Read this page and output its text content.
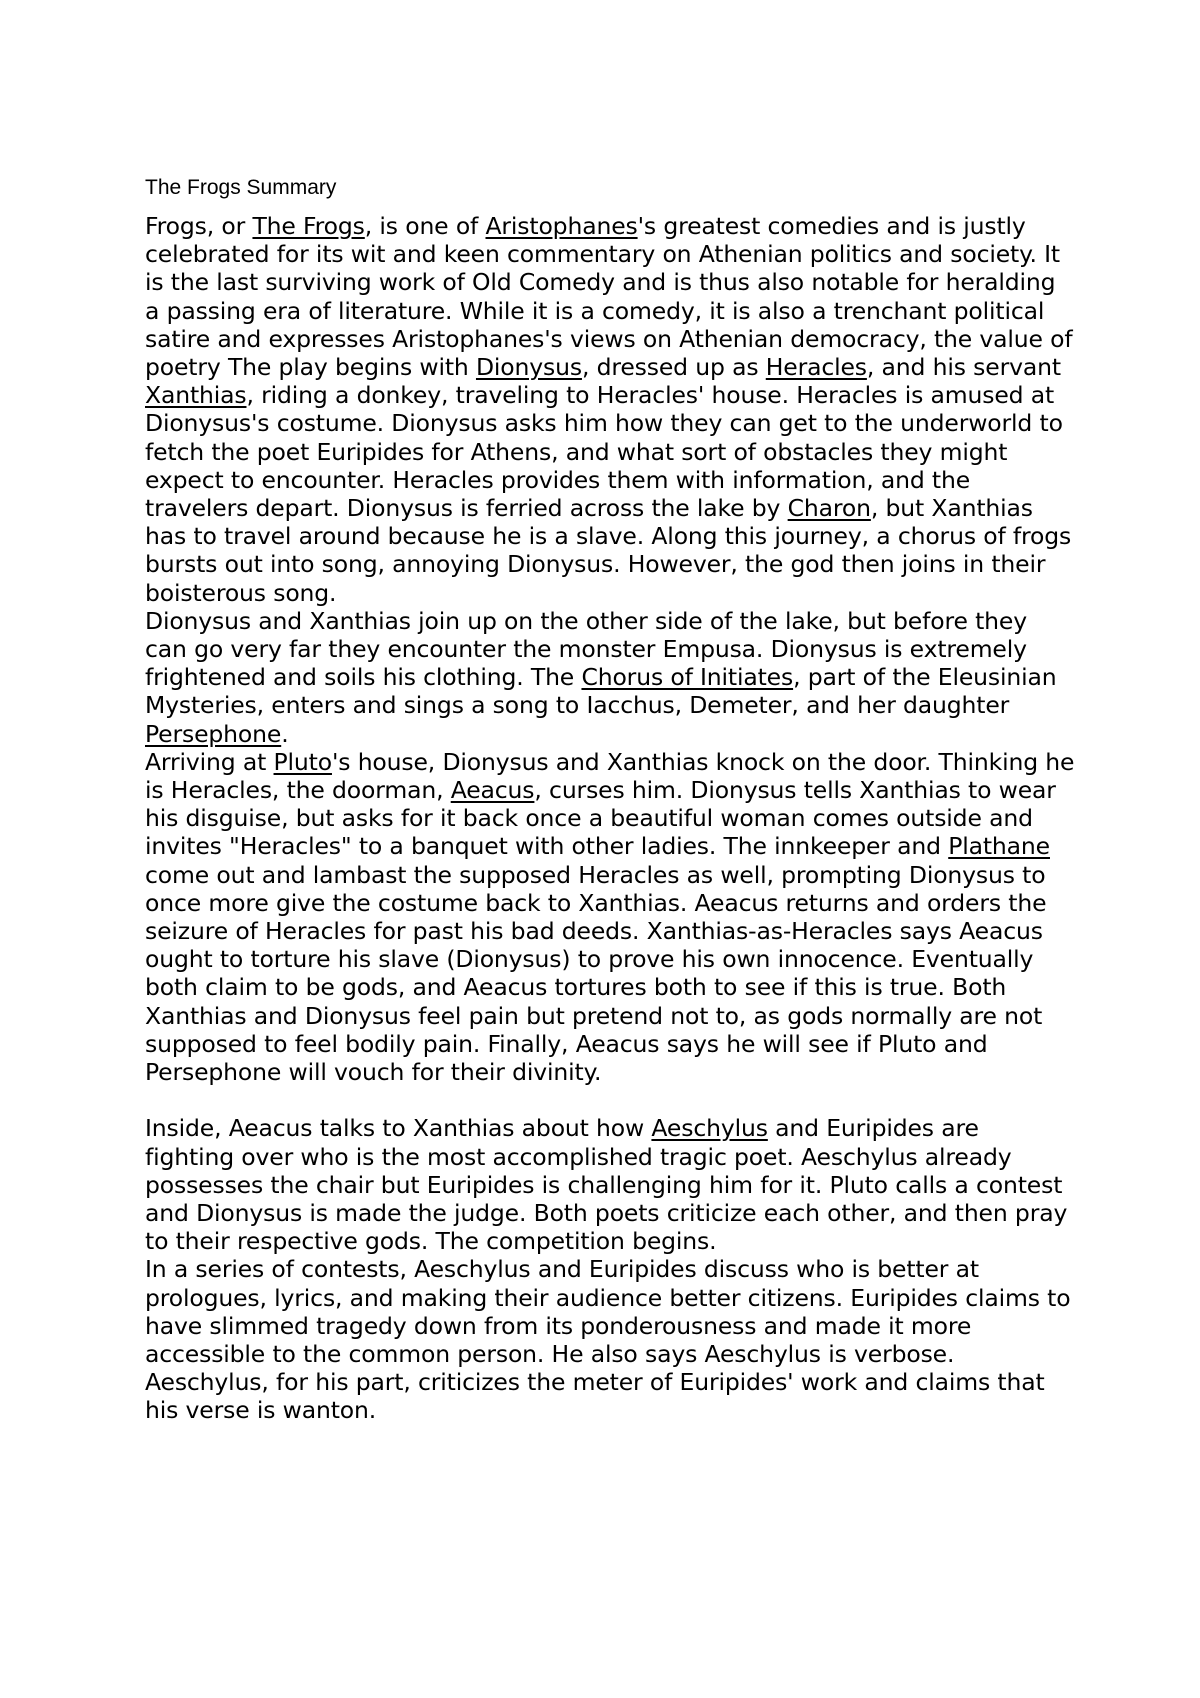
The Frogs Summary

Frogs, or The Frogs, is one of Aristophanes's greatest comedies and is justly celebrated for its wit and keen commentary on Athenian politics and society. It is the last surviving work of Old Comedy and is thus also notable for heralding a passing era of literature. While it is a comedy, it is also a trenchant political satire and expresses Aristophanes's views on Athenian democracy, the value of poetry The play begins with Dionysus, dressed up as Heracles, and his servant Xanthias, riding a donkey, traveling to Heracles' house. Heracles is amused at Dionysus's costume. Dionysus asks him how they can get to the underworld to fetch the poet Euripides for Athens, and what sort of obstacles they might expect to encounter. Heracles provides them with information, and the travelers depart. Dionysus is ferried across the lake by Charon, but Xanthias has to travel around because he is a slave. Along this journey, a chorus of frogs bursts out into song, annoying Dionysus. However, the god then joins in their boisterous song.

Dionysus and Xanthias join up on the other side of the lake, but before they can go very far they encounter the monster Empusa. Dionysus is extremely frightened and soils his clothing. The Chorus of Initiates, part of the Eleusinian Mysteries, enters and sings a song to Iacchus, Demeter, and her daughter Persephone.

Arriving at Pluto's house, Dionysus and Xanthias knock on the door. Thinking he is Heracles, the doorman, Aeacus, curses him. Dionysus tells Xanthias to wear his disguise, but asks for it back once a beautiful woman comes outside and invites "Heracles" to a banquet with other ladies. The innkeeper and Plathane come out and lambast the supposed Heracles as well, prompting Dionysus to once more give the costume back to Xanthias. Aeacus returns and orders the seizure of Heracles for past his bad deeds. Xanthias-as-Heracles says Aeacus ought to torture his slave (Dionysus) to prove his own innocence. Eventually both claim to be gods, and Aeacus tortures both to see if this is true. Both Xanthias and Dionysus feel pain but pretend not to, as gods normally are not supposed to feel bodily pain. Finally, Aeacus says he will see if Pluto and Persephone will vouch for their divinity.

Inside, Aeacus talks to Xanthias about how Aeschylus and Euripides are fighting over who is the most accomplished tragic poet. Aeschylus already possesses the chair but Euripides is challenging him for it. Pluto calls a contest and Dionysus is made the judge. Both poets criticize each other, and then pray to their respective gods. The competition begins.

In a series of contests, Aeschylus and Euripides discuss who is better at prologues, lyrics, and making their audience better citizens. Euripides claims to have slimmed tragedy down from its ponderousness and made it more accessible to the common person. He also says Aeschylus is verbose. Aeschylus, for his part, criticizes the meter of Euripides' work and claims that his verse is wanton.
